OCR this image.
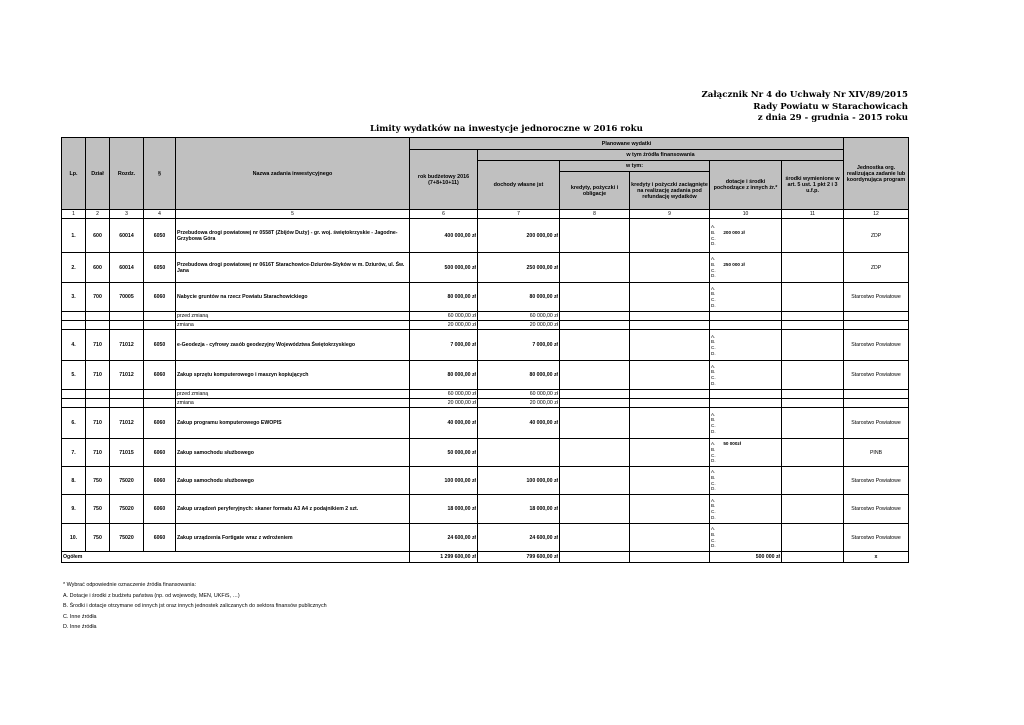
Załącznik Nr 4 do Uchwały Nr XIV/89/2015
Rady Powiatu w Starachowicach
z dnia 29 - grudnia - 2015 roku
Limity wydatków na inwestycje jednoroczne w 2016 roku
Lp.	Dział	Rozdz.	§	Nazwa zadania inwestycyjnego	Planowane wydatki						Jednostka org. realizująca zadanie lub koordynująca program
					rok budżetowy 2016 (7+8+10+11)	w tym źródła finansowania					
						dochody własne jst	w tym:		dotacje i środki pochodzące z innych źr.*	środki wymienione w art. 5 ust. 1 pkt 2 i 3 u.f.p.	
							kredyty, pożyczki i obligacje	kredyty i pożyczki zaciągnięte na realizację zadania pod refundację wydatków			
1	2	3	4	5	6	7	8	9	10	11	12
1.	600	60014	6050	Przebudowa drogi powiatowej nr 0558T (Zbijów Duży) - gr. woj. świętokrzyskie - Jagodne-Grzybowa Góra	400 000,00 zł	200 000,00 zł			A.
B. 200 000 zł
C.
D.		ZDP
2.	600	60014	6050	Przebudowa drogi powiatowej nr 0616T Starachowice-Dziurów-Styków w m. Dziurów, ul. Św. Jana	500 000,00 zł	250 000,00 zł			A.
B. 250 000 zł
C.
D.		ZDP
3.	700	70005	6060	Nabycie gruntów na rzecz Powiatu Starachowickiego	80 000,00 zł	80 000,00 zł			A.
B.
C.
D.		Starostwo Powiatowe
				przed zmianą	60 000,00 zł	60 000,00 zł					
				zmiana	20 000,00 zł	20 000,00 zł					
4.	710	71012	6050	e-Geodezja - cyfrowy zasób geodezyjny Województwa Świętokrzyskiego	7 000,00 zł	7 000,00 zł			A.
B.
C.
D.		Starostwo Powiatowe
5.	710	71012	6060	Zakup sprzętu komputerowego i maszyn kopiujących	80 000,00 zł	80 000,00 zł			A.
B.
C.
D.		Starostwo Powiatowe
				przed zmianą	60 000,00 zł	60 000,00 zł					
				zmiana	20 000,00 zł	20 000,00 zł					
6.	710	71012	6060	Zakup programu komputerowego EWOPIS	40 000,00 zł	40 000,00 zł			A.
B.
C.
D.		Starostwo Powiatowe
7.	710	71015	6060	Zakup samochodu służbowego	50 000,00 zł				A. 50 000zł
B.
C.
D.		PINB
8.	750	75020	6060	Zakup samochodu służbowego	100 000,00 zł	100 000,00 zł			A.
B.
C.
D.		Starostwo Powiatowe
9.	750	75020	6060	Zakup urządzeń peryferyjnych: skaner formatu A3 A4 z podajnikiem 2 szt.	18 000,00 zł	18 000,00 zł			A.
B.
C.
D.		Starostwo Powiatowe
10.	750	75020	6060	Zakup urządzenia Fortigate wraz z wdrożeniem	24 600,00 zł	24 600,00 zł			A.
B.
C.
D.		Starostwo Powiatowe
Ogółem					1 299 600,00 zł	799 600,00 zł			500 000 zł		x
* Wybrać odpowiednie oznaczenie źródła finansowania:
A. Dotacje i środki z budżetu państwa (np. od wojewody, MEN, UKFiS, …)
B. Środki i dotacje otrzymane od innych jst oraz innych jednostek zaliczanych do sektora finansów publicznych
C. Inne źródła
D. Inne źródła
